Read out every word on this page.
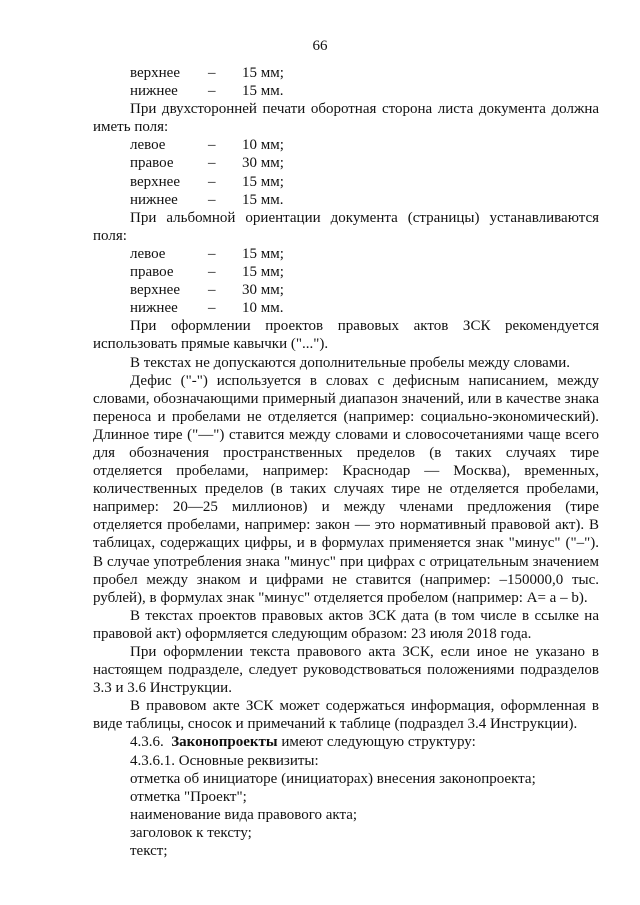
66
верхнее	–	15 мм;
нижнее	–	15 мм.

При двухсторонней печати оборотная сторона листа документа должна иметь поля:

левое	–	10 мм;
правое	–	30 мм;
верхнее	–	15 мм;
нижнее	–	15 мм.

При альбомной ориентации документа (страницы) устанавливаются поля:

левое	–	15 мм;
правое	–	15 мм;
верхнее	–	30 мм;
нижнее	–	10 мм.

При оформлении проектов правовых актов ЗСК рекомендуется использовать прямые кавычки ("...").

В текстах не допускаются дополнительные пробелы между словами.

Дефис ("-") используется в словах с дефисным написанием, между словами, обозначающими примерный диапазон значений, или в качестве знака переноса и пробелами не отделяется (например: социально-экономический). Длинное тире ("—") ставится между словами и словосочетаниями чаще всего для обозначения пространственных пределов (в таких случаях тире отделяется пробелами, например: Краснодар — Москва), временных, количественных пределов (в таких случаях тире не отделяется пробелами, например: 20—25 миллионов) и между членами предложения (тире отделяется пробелами, например: закон — это нормативный правовой акт). В таблицах, содержащих цифры, и в формулах применяется знак "минус" ("–"). В случае употребления знака "минус" при цифрах с отрицательным значением пробел между знаком и цифрами не ставится (например: –150000,0 тыс. рублей), в формулах знак "минус" отделяется пробелом (например: А= а – b).

В текстах проектов правовых актов ЗСК дата (в том числе в ссылке на правовой акт) оформляется следующим образом: 23 июля 2018 года.

При оформлении текста правового акта ЗСК, если иное не указано в настоящем подразделе, следует руководствоваться положениями подразделов 3.3 и 3.6 Инструкции.

В правовом акте ЗСК может содержаться информация, оформленная в виде таблицы, сносок и примечаний к таблице (подраздел 3.4 Инструкции).

4.3.6. Законопроекты имеют следующую структуру:
4.3.6.1. Основные реквизиты:
отметка об инициаторе (инициаторах) внесения законопроекта;
отметка "Проект";
наименование вида правового акта;
заголовок к тексту;
текст;
